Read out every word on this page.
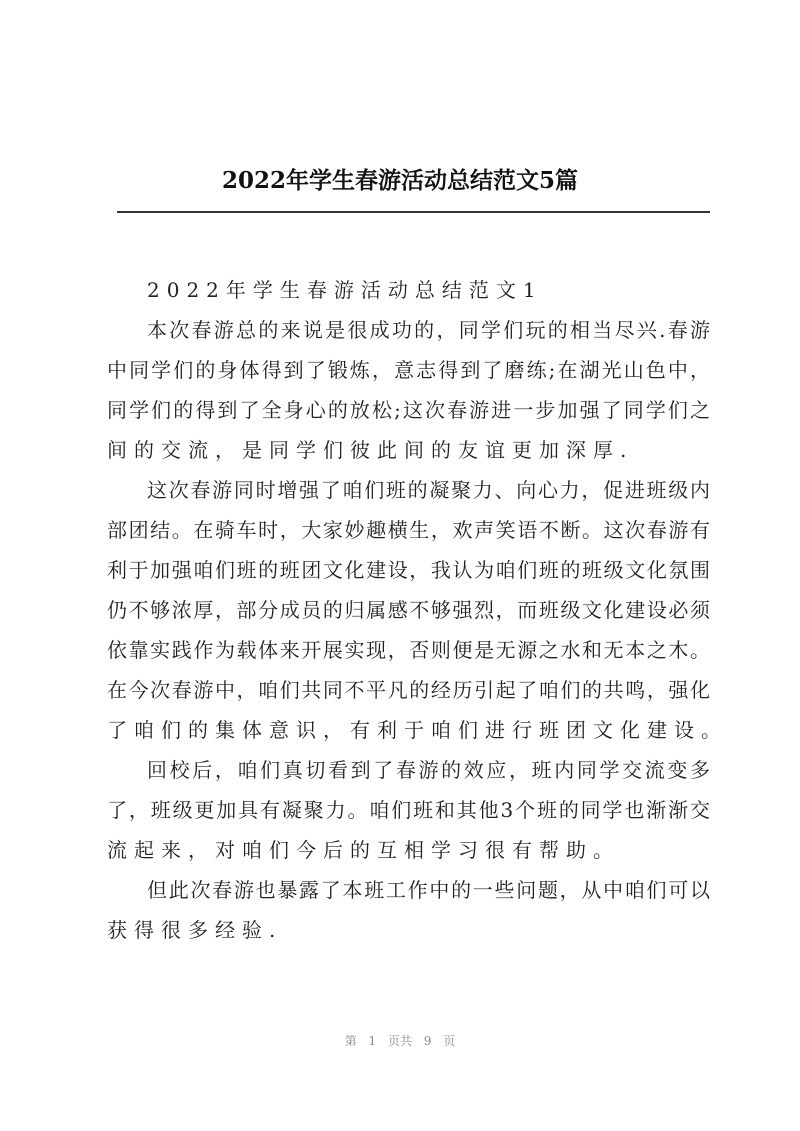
2022年学生春游活动总结范文5篇
2022年学生春游活动总结范文1
本次春游总的来说是很成功的，同学们玩的相当尽兴.春游
中同学们的身体得到了锻炼，意志得到了磨练;在湖光山色中，
同学们的得到了全身心的放松;这次春游进一步加强了同学们之
间的交流，是同学们彼此间的友谊更加深厚.
这次春游同时增强了咱们班的凝聚力、向心力，促进班级内
部团结。在骑车时，大家妙趣横生，欢声笑语不断。这次春游有
利于加强咱们班的班团文化建设，我认为咱们班的班级文化氛围
仍不够浓厚，部分成员的归属感不够强烈，而班级文化建设必须
依靠实践作为载体来开展实现，否则便是无源之水和无本之木。
在今次春游中，咱们共同不平凡的经历引起了咱们的共鸣，强化
了咱们的集体意识，有利于咱们进行班团文化建设。
回校后，咱们真切看到了春游的效应，班内同学交流变多
了，班级更加具有凝聚力。咱们班和其他3个班的同学也渐渐交
流起来，对咱们今后的互相学习很有帮助。
但此次春游也暴露了本班工作中的一些问题，从中咱们可以
获得很多经验.
第 1 页共 9 页
